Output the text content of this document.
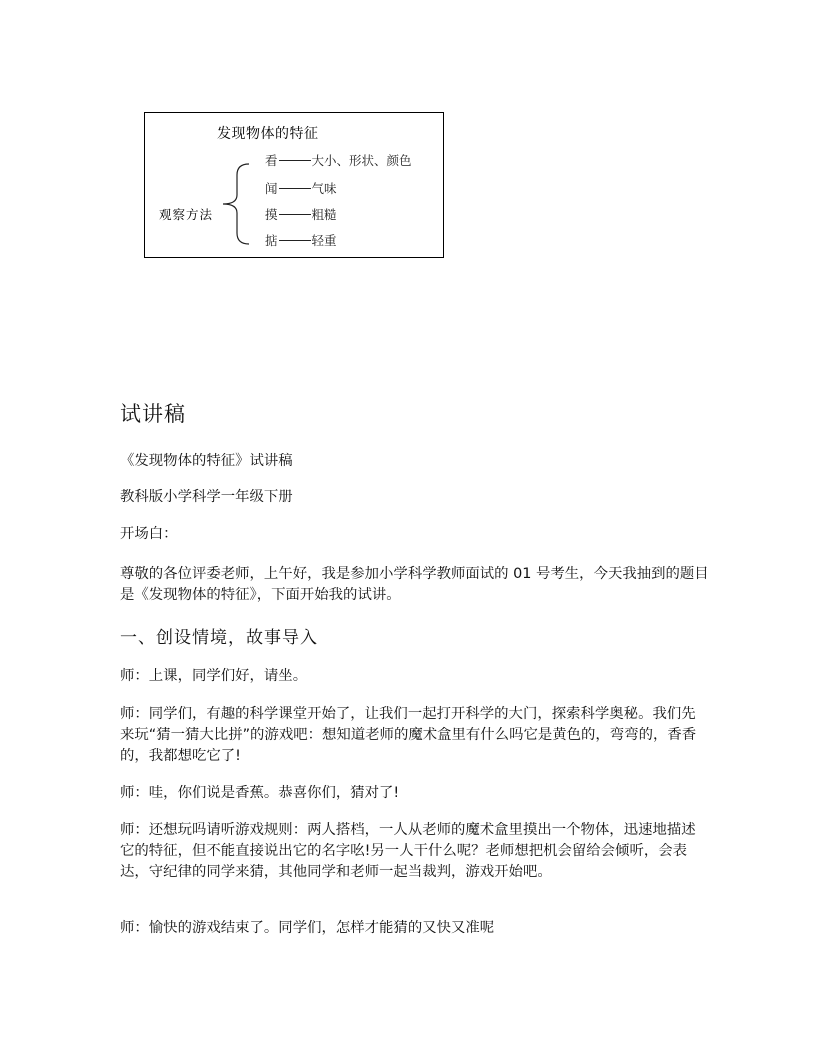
发现物体的特征
观察方法
看	大小、形状、颜色
闻	气味
摸	粗糙
掂	轻重
试讲稿
《发现物体的特征》试讲稿
教科版小学科学一年级下册
开场白：
尊敬的各位评委老师，上午好，我是参加小学科学教师面试的 01 号考生，今天我抽到的题目是《发现物体的特征》，下面开始我的试讲。
一、创设情境，故事导入
师：上课，同学们好，请坐。
师：同学们，有趣的科学课堂开始了，让我们一起打开科学的大门，探索科学奥秘。我们先来玩“猜一猜大比拼”的游戏吧：想知道老师的魔术盒里有什么吗它是黄色的，弯弯的，香香的，我都想吃它了!
师：哇，你们说是香蕉。恭喜你们，猜对了!
师：还想玩吗请听游戏规则：两人搭档，一人从老师的魔术盒里摸出一个物体，迅速地描述它的特征，但不能直接说出它的名字吆!另一人干什么呢？老师想把机会留给会倾听，会表达，守纪律的同学来猜，其他同学和老师一起当裁判，游戏开始吧。
师：愉快的游戏结束了。同学们，怎样才能猜的又快又准呢
